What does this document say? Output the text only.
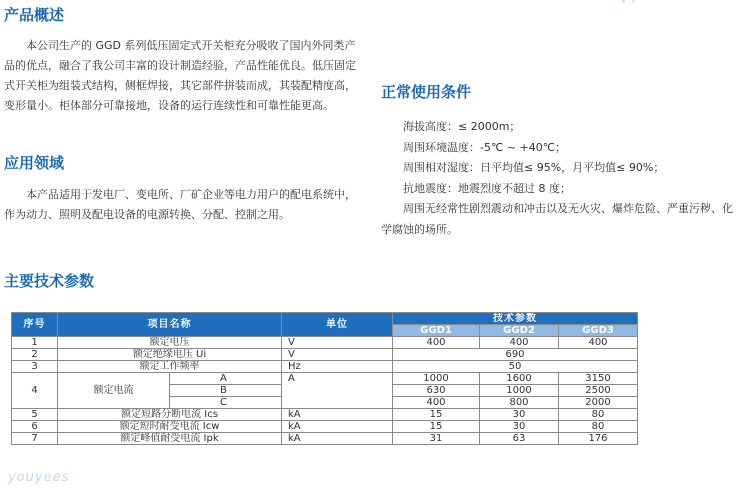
产品概述

本公司生产的 GGD 系列低压固定式开关柜充分吸收了国内外同类产

品的优点，融合了我公司丰富的设计制造经验，产品性能优良。低压固定

式开关柜为组装式结构，侧框焊接，其它部件拼装而成，其装配精度高，

变形量小。柜体部分可靠接地，设备的运行连续性和可靠性能更高。

应用领域

本产品适用于发电厂、变电所、厂矿企业等电力用户的配电系统中，

作为动力、照明及配电设备的电源转换、分配、控制之用。

正常使用条件
海拔高度：≤ 2000m；
周围环境温度：-5℃ ~ +40℃；
周围相对湿度：日平均值≤ 95%，月平均值≤ 90%；
抗地震度：地震烈度不超过 8 度；
周围无经常性剧烈震动和冲击以及无火灾、爆炸危险、严重污秽、化
学腐蚀的场所。
主要技术参数
序号	项目名称		单位	技术参数		
				GGD1	GGD2	GGD3
1	额定电压		V	400	400	400
2	额定绝缘电压 Ui		V	690		
3	额定工作频率		Hz	50		
4	额定电流	A	A	1000	1600	3150
		B		630	1000	2500
		C		400	800	2000
5	额定短路分断电流 Ics		kA	15	30	80
6	额定短时耐受电流 Icw		kA	15	30	80
7	额定峰值耐受电流 Ipk		kA	31	63	176
youyees
